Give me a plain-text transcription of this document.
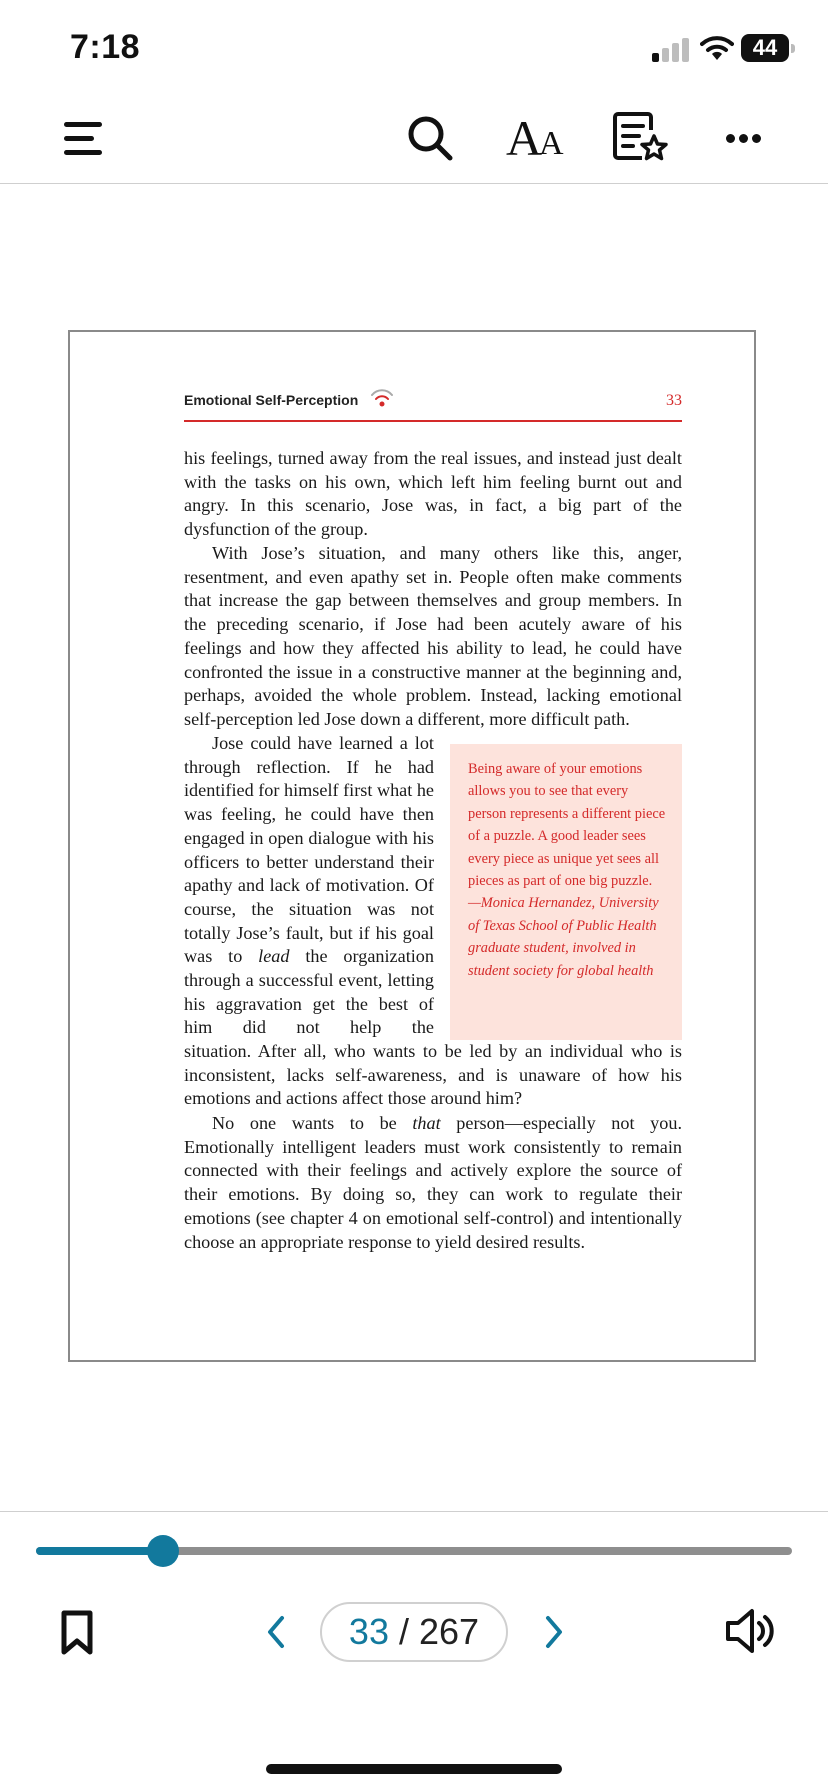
7:18	44
A
A
Emotional Self-Perception	33
his feelings, turned away from the real issues, and instead just dealt with the tasks on his own, which left him feeling burnt out and angry. In this scenario, Jose was, in fact, a big part of the dysfunction of the group.
With Jose’s situation, and many others like this, anger, resentment, and even apathy set in. People often make comments that increase the gap between themselves and group members. In the preceding scenario, if Jose had been acutely aware of his feelings and how they affected his ability to lead, he could have confronted the issue in a constructive manner at the beginning and, perhaps, avoided the whole problem. Instead, lacking emotional self-perception led Jose down a different, more difficult path.
Jose could have learned a lot through reflection. If he had identified for himself first what he was feeling, he could have then engaged in open dialogue with his officers to better understand their apathy and lack of motivation. Of course, the situation was not totally Jose’s fault, but if his goal was to lead the organization through a successful event, letting his aggravation get the best of him did not help the
situation. After all, who wants to be led by an individual who is inconsistent, lacks self-awareness, and is unaware of how his emotions and actions affect those around him?
No one wants to be that person—especially not you. Emotionally intelligent leaders must work consistently to remain connected with their feelings and actively explore the source of their emotions. By doing so, they can work to regulate their emotions (see chapter 4 on emotional self-control) and intentionally choose an appropriate response to yield desired results.
Being aware of your emotions allows you to see that every person represents a different piece of a puzzle. A good leader sees every piece as unique yet sees all pieces as part of one big puzzle.
—Monica Hernandez, University of Texas School of Public Health graduate student, involved in student society for global health
33 / 267
